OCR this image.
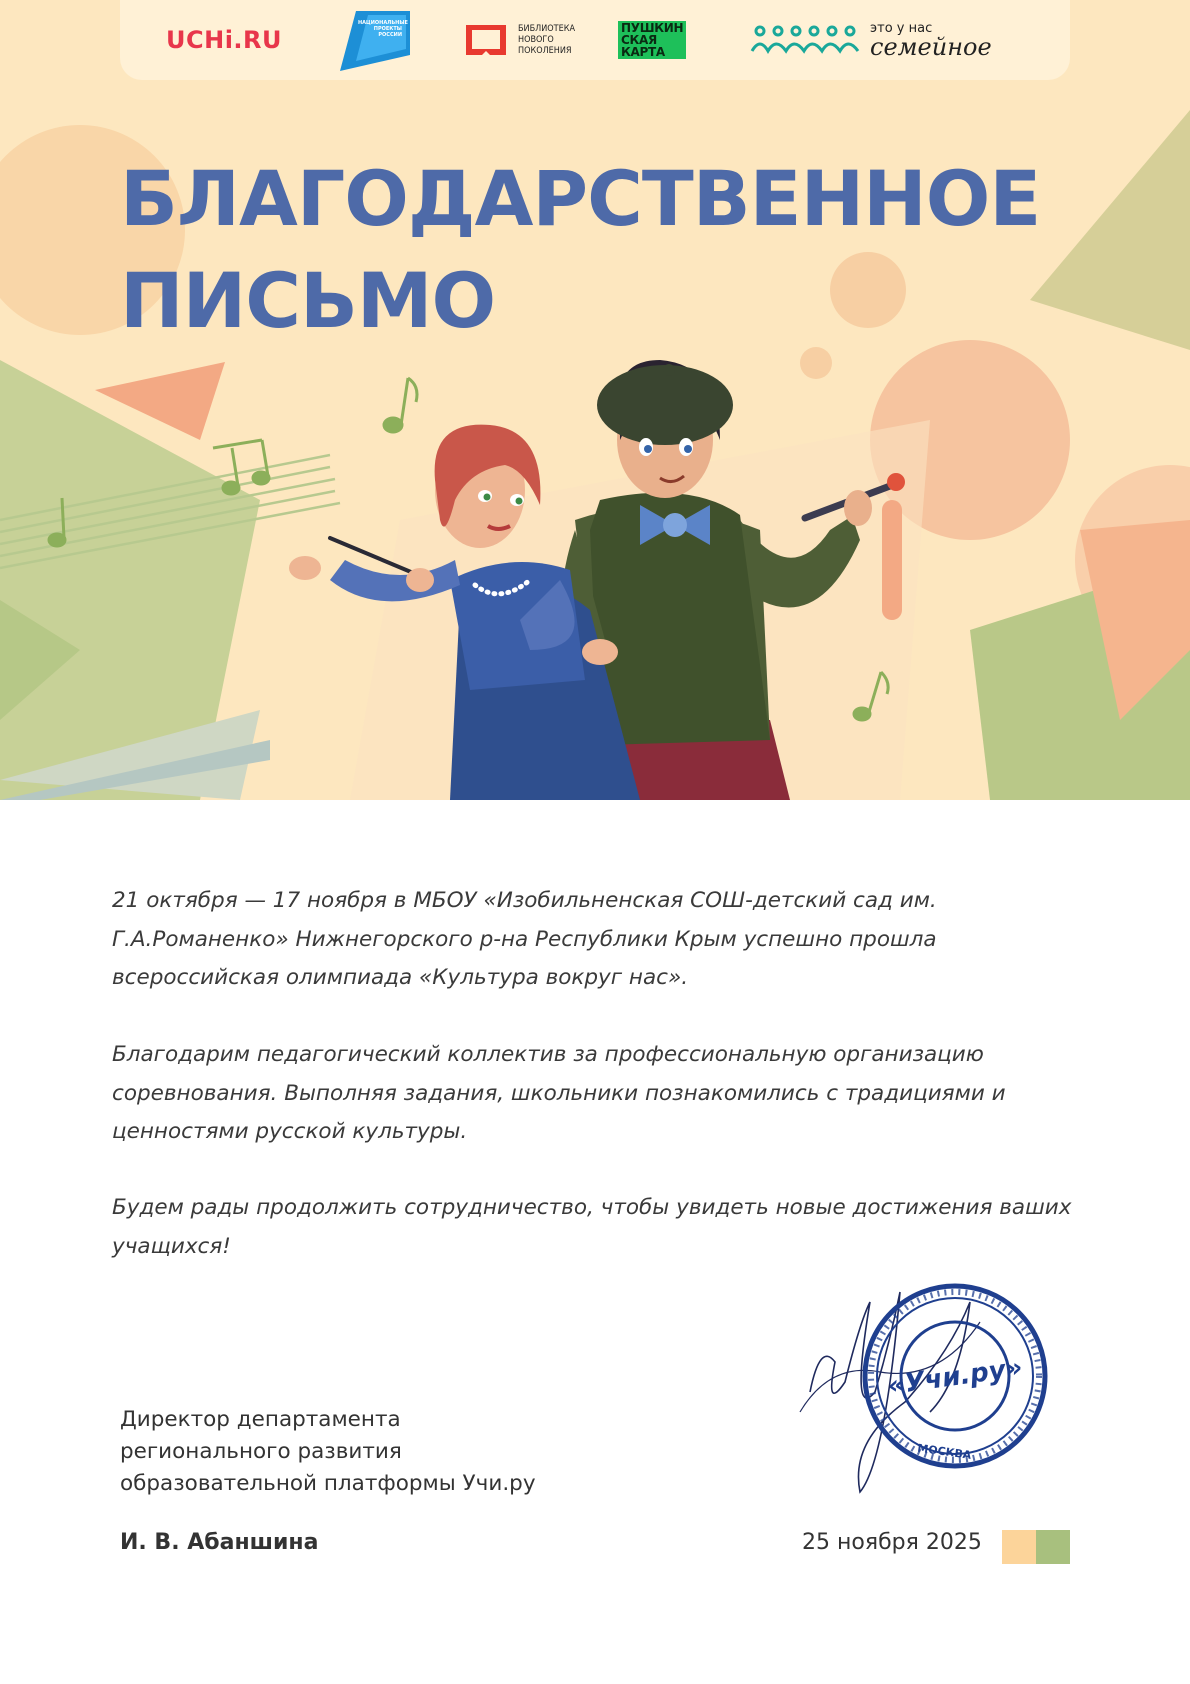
UCHi.RU
НАЦИОНАЛЬНЫЕ ПРОЕКТЫ РОССИИ
БИБЛИОТЕКА
НОВОГО
ПОКОЛЕНИЯ
ПУШКИН
СКАЯ
КАРТА
это у нас
семейное
БЛАГОДАРСТВЕННОЕ
ПИСЬМО

21 октября — 17 ноября в МБОУ «Изобильненская СОШ-детский сад им. Г.А.Романенко» Нижнегорского р-на Республики Крым успешно прошла всероссийская олимпиада «Культура вокруг нас».

Благодарим педагогический коллектив за профессиональную организацию соревнования. Выполняя задания, школьники познакомились с традициями и ценностями русской культуры.

Будем рады продолжить сотрудничество, чтобы увидеть новые достижения ваших учащихся!

Директор департамента
регионального развития
образовательной платформы Учи.ру
«Учи.ру»
МОСКВА

И. В. Абаншина	25 ноября 2025
